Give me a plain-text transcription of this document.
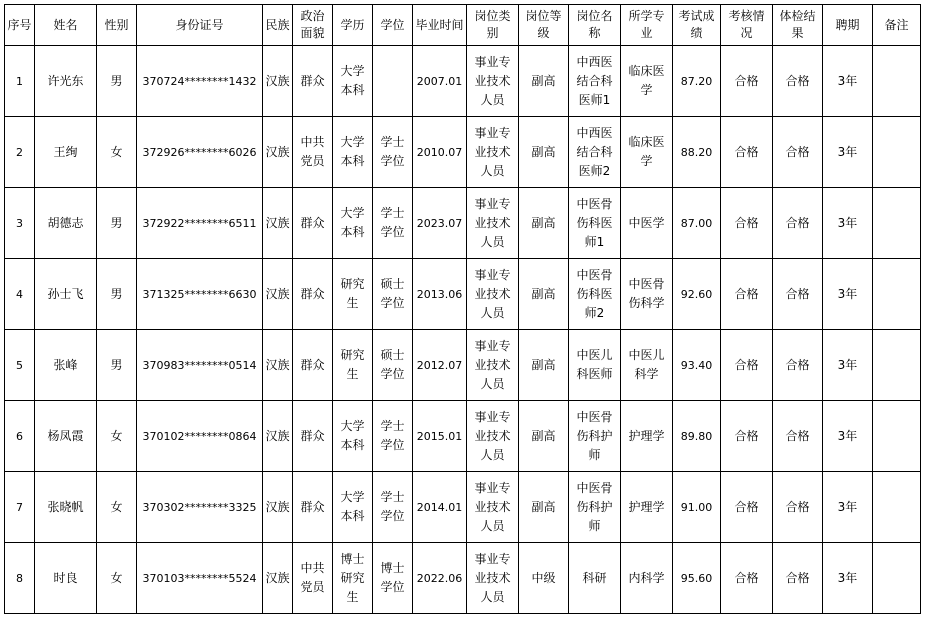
序号	姓名	性别	身份证号	民族	政治面貌	学历	学位	毕业时间	岗位类别	岗位等级	岗位名称	所学专业	考试成绩	考核情况	体检结果	聘期	备注
1	许光东	男	370724********1432	汉族	群众	大学本科		2007.01	事业专业技术人员	副高	中西医结合科医师1	临床医学	87.20	合格	合格	3年	
2	王绚	女	372926********6026	汉族	中共党员	大学本科	学士学位	2010.07	事业专业技术人员	副高	中西医结合科医师2	临床医学	88.20	合格	合格	3年	
3	胡德志	男	372922********6511	汉族	群众	大学本科	学士学位	2023.07	事业专业技术人员	副高	中医骨伤科医师1	中医学	87.00	合格	合格	3年	
4	孙士飞	男	371325********6630	汉族	群众	研究生	硕士学位	2013.06	事业专业技术人员	副高	中医骨伤科医师2	中医骨伤科学	92.60	合格	合格	3年	
5	张峰	男	370983********0514	汉族	群众	研究生	硕士学位	2012.07	事业专业技术人员	副高	中医儿科医师	中医儿科学	93.40	合格	合格	3年	
6	杨凤霞	女	370102********0864	汉族	群众	大学本科	学士学位	2015.01	事业专业技术人员	副高	中医骨伤科护师	护理学	89.80	合格	合格	3年	
7	张晓帆	女	370302********3325	汉族	群众	大学本科	学士学位	2014.01	事业专业技术人员	副高	中医骨伤科护师	护理学	91.00	合格	合格	3年	
8	时良	女	370103********5524	汉族	中共党员	博士研究生	博士学位	2022.06	事业专业技术人员	中级	科研	内科学	95.60	合格	合格	3年	
